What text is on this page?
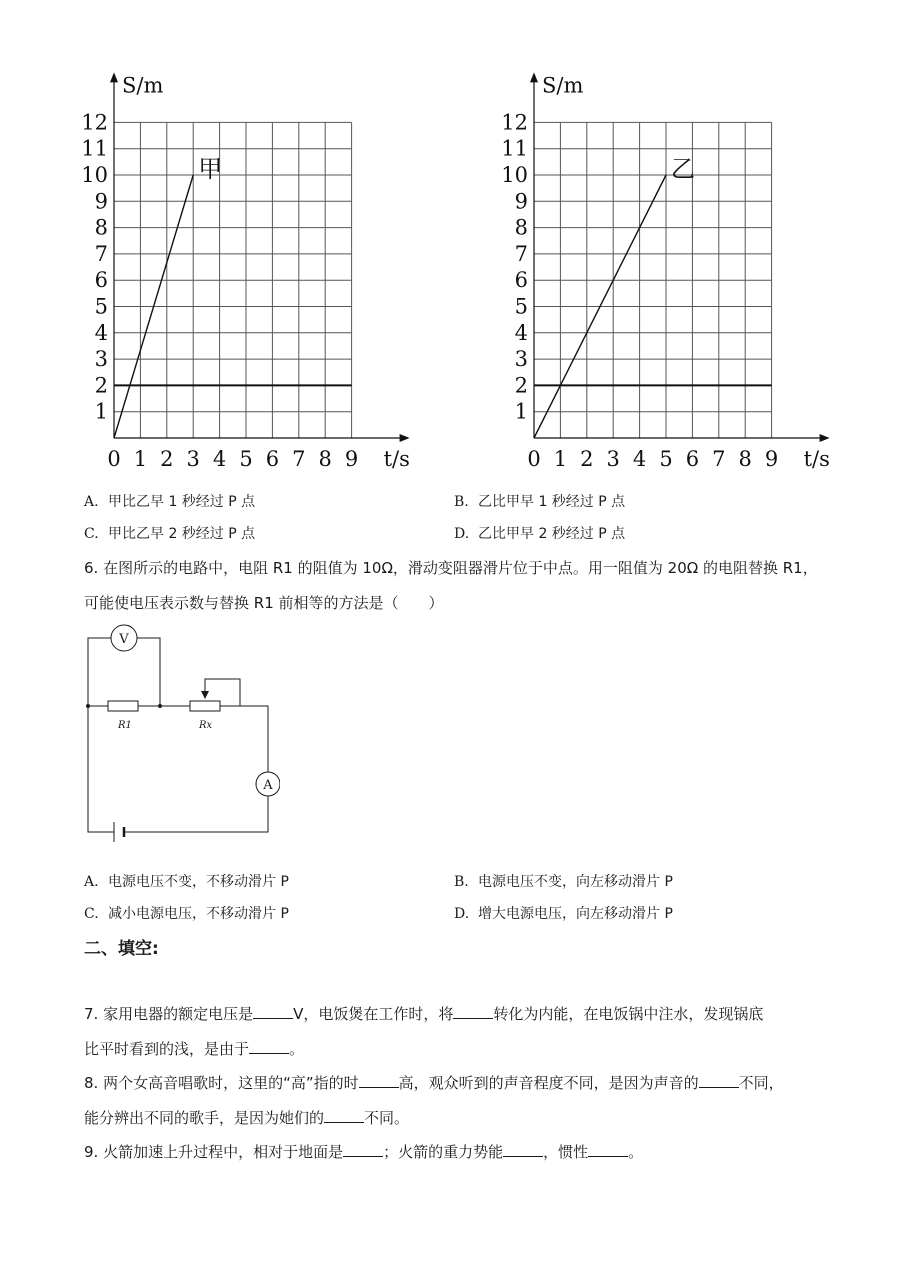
1
2
3
4
5
6
7
8
9
10
11
12
0 1 2 3 4 5 6 7 8 9
S/m
t/s
甲
1
2
3
4
5
6
7
8
9
10
11
12
0 1 2 3 4 5 6 7 8 9
S/m
t/s
乙
A. 甲比乙早 1 秒经过 P 点	B. 乙比甲早 1 秒经过 P 点
C. 甲比乙早 2 秒经过 P 点	D. 乙比甲早 2 秒经过 P 点
6. 在图所示的电路中，电阻 R1 的阻值为 10Ω，滑动变阻器滑片位于中点。用一阻值为 20Ω 的电阻替换 R1，
可能使电压表示数与替换 R1 前相等的方法是（　　）
V
R1	Rx
A
A. 电源电压不变，不移动滑片 P	B. 电源电压不变，向左移动滑片 P
C. 减小电源电压，不移动滑片 P	D. 增大电源电压，向左移动滑片 P
二、填空:
7. 家用电器的额定电压是	V，电饭煲在工作时，将	转化为内能，在电饭锅中注水，发现锅底
比平时看到的浅，是由于	。
8. 两个女高音唱歌时，这里的“高”指的时	高，观众听到的声音程度不同，是因为声音的	不同，
能分辨出不同的歌手，是因为她们的	不同。
9. 火箭加速上升过程中，相对于地面是	；火箭的重力势能	，惯性	。
